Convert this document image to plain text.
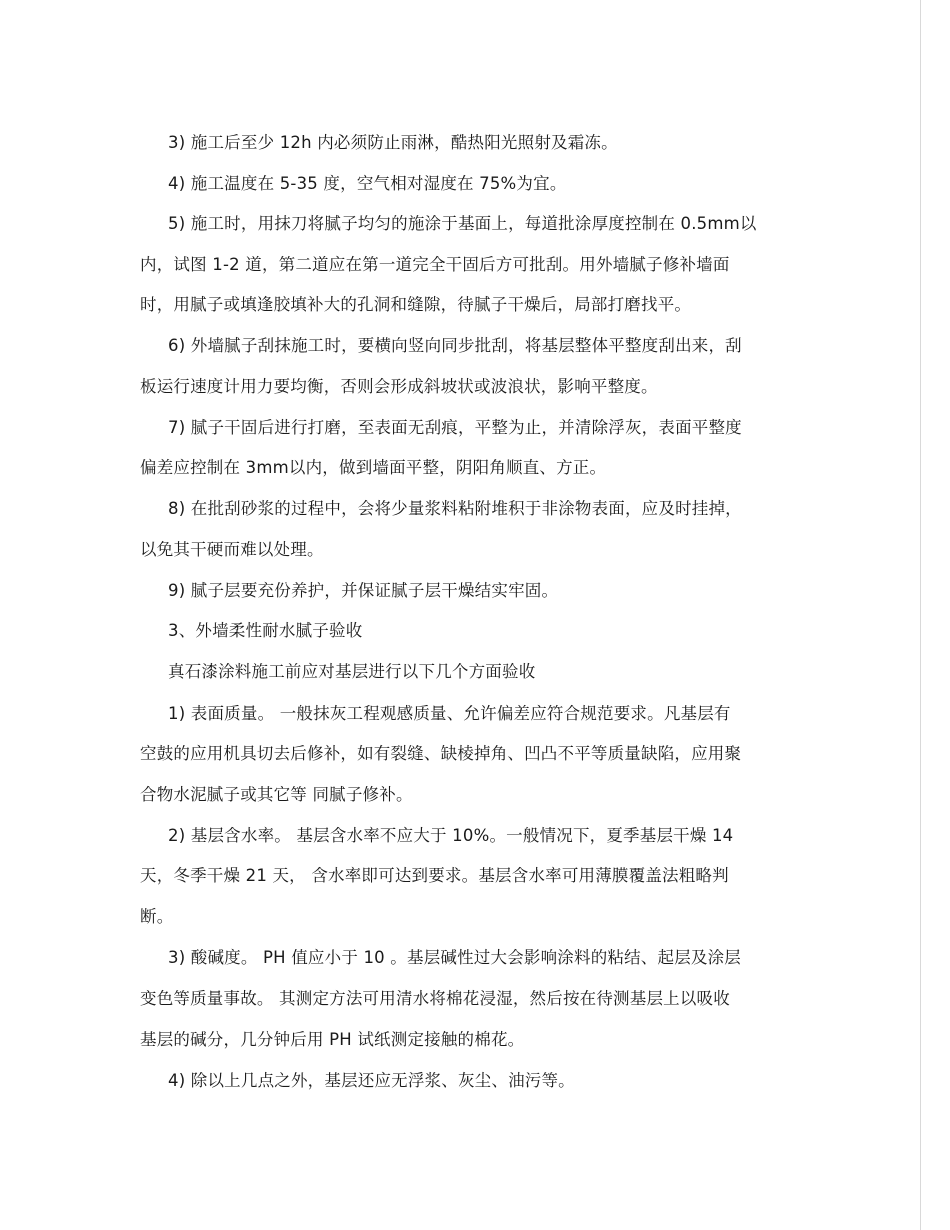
3) 施工后至少 12h 内必须防止雨淋，酷热阳光照射及霜冻。
4) 施工温度在 5-35 度，空气相对湿度在 75%为宜。
5) 施工时，用抹刀将腻子均匀的施涂于基面上，每道批涂厚度控制在 0.5mm以
内，试图 1-2 道，第二道应在第一道完全干固后方可批刮。用外墙腻子修补墙面
时，用腻子或填逢胶填补大的孔洞和缝隙，待腻子干燥后，局部打磨找平。
6) 外墙腻子刮抹施工时，要横向竖向同步批刮，将基层整体平整度刮出来，刮
板运行速度计用力要均衡，否则会形成斜坡状或波浪状，影响平整度。
7) 腻子干固后进行打磨，至表面无刮痕，平整为止，并清除浮灰，表面平整度
偏差应控制在 3mm以内，做到墙面平整，阴阳角顺直、方正。
8) 在批刮砂浆的过程中，会将少量浆料粘附堆积于非涂物表面，应及时挂掉，
以免其干硬而难以处理。
9) 腻子层要充份养护，并保证腻子层干燥结实牢固。
3、外墙柔性耐水腻子验收
真石漆涂料施工前应对基层进行以下几个方面验收
1) 表面质量。 一般抹灰工程观感质量、允许偏差应符合规范要求。凡基层有
空鼓的应用机具切去后修补，如有裂缝、缺棱掉角、凹凸不平等质量缺陷，应用聚
合物水泥腻子或其它等 同腻子修补。
2) 基层含水率。 基层含水率不应大于 10%。一般情况下，夏季基层干燥 14
天，冬季干燥 21 天， 含水率即可达到要求。基层含水率可用薄膜覆盖法粗略判
断。
3) 酸碱度。 PH 值应小于 10 。基层碱性过大会影响涂料的粘结、起层及涂层
变色等质量事故。 其测定方法可用清水将棉花浸湿，然后按在待测基层上以吸收
基层的碱分，几分钟后用 PH 试纸测定接触的棉花。
4) 除以上几点之外，基层还应无浮浆、灰尘、油污等。
